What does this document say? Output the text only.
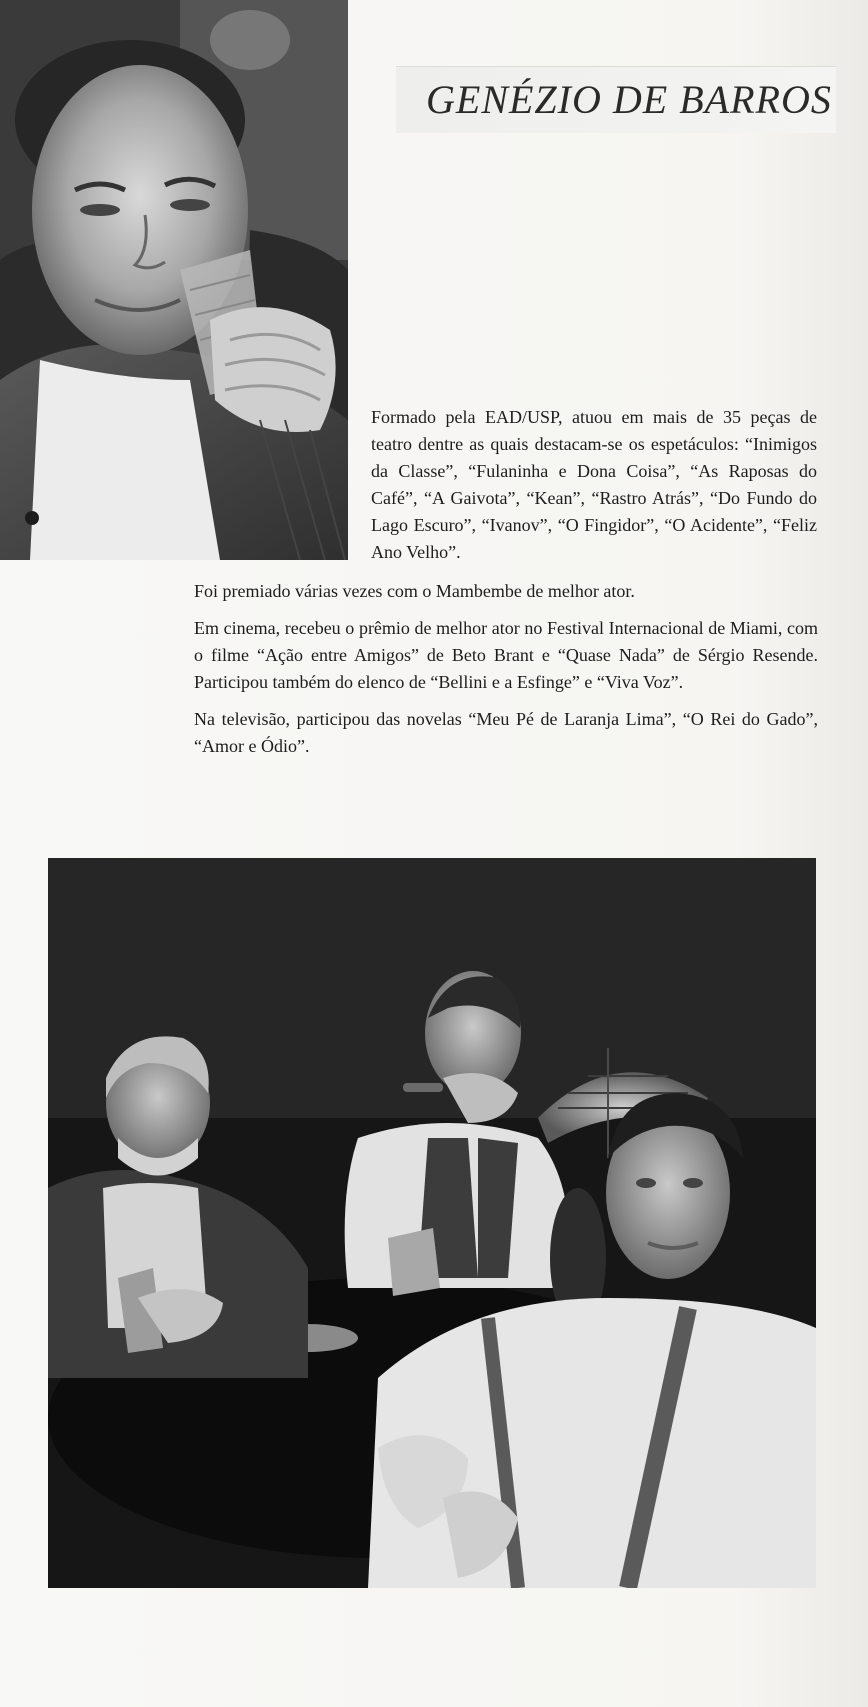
GENÉZIO DE BARROS

Formado pela EAD/USP, atuou em mais de 35 peças de teatro dentre as quais destacam-se os espetáculos: “Inimigos da Classe”, “Fulaninha e Dona Coisa”, “As Raposas do Café”, “A Gaivota”, “Kean”, “Rastro Atrás”, “Do Fundo do Lago Escuro”, “Ivanov”, “O Fingidor”, “O Acidente”, “Feliz Ano Velho”.

Foi premiado várias vezes com o Mambembe de melhor ator.

Em cinema, recebeu o prêmio de melhor ator no Festival Internacional de Miami, com o filme “Ação entre Amigos” de Beto Brant e “Quase Nada” de Sérgio Resende. Participou também do elenco de “Bellini e a Esfinge” e “Viva Voz”.

Na televisão, participou das novelas “Meu Pé de Laranja Lima”, “O Rei do Gado”, “Amor e Ódio”.
